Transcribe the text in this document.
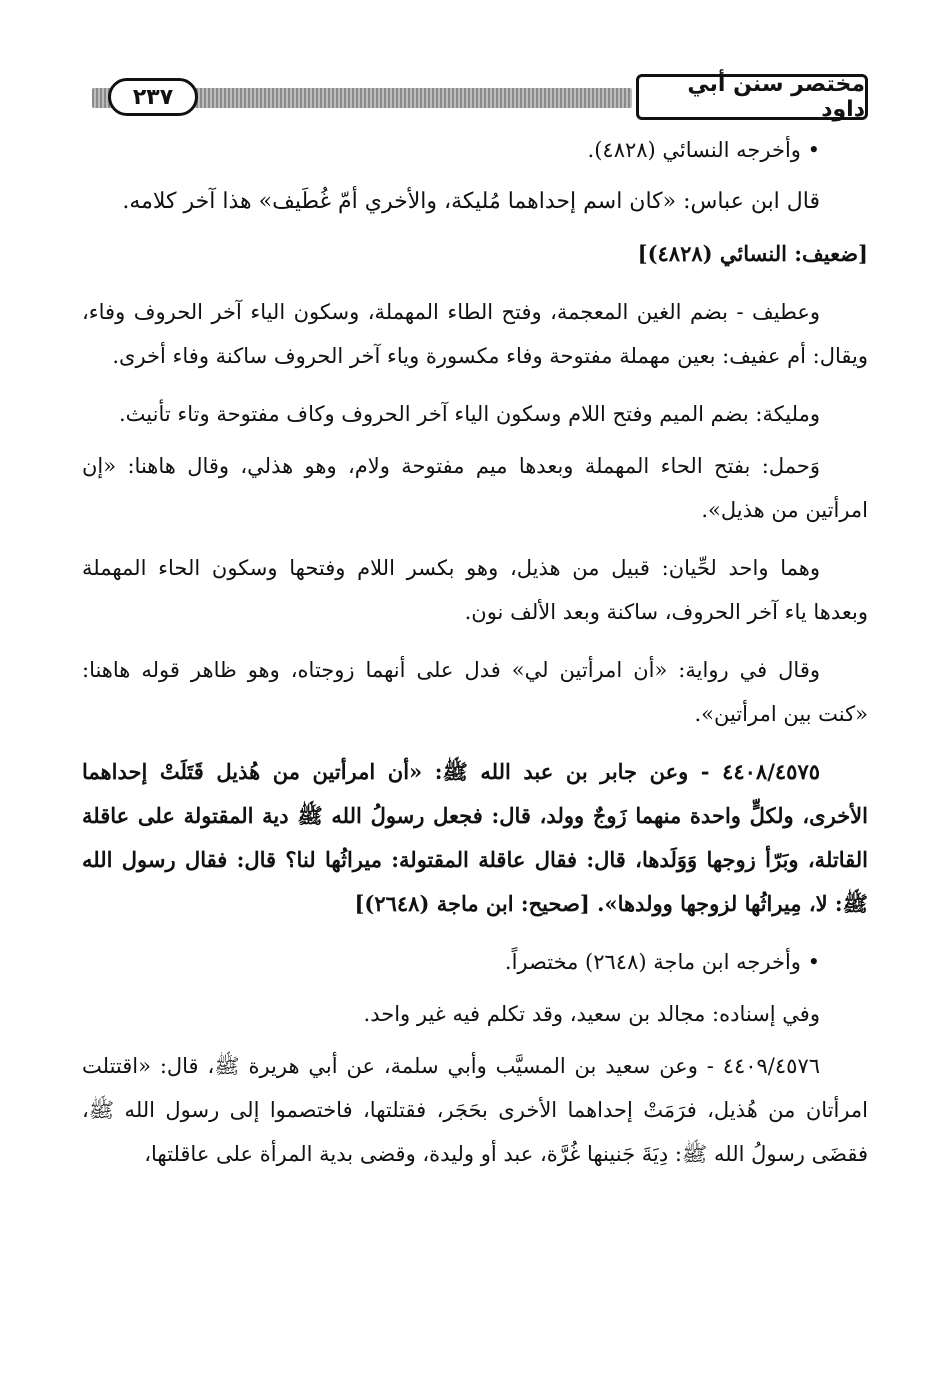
٢٣٧	مختصر سنن أبي داود

• وأخرجه النسائي (٤٨٢٨).

قال ابن عباس: «كان اسم إحداهما مُليكة، والأخري أمّ غُطَيف» هذا آخر كلامه.

[ضعيف: النسائي (٤٨٢٨)]

وعطيف - بضم الغين المعجمة، وفتح الطاء المهملة، وسكون الياء آخر الحروف وفاء، ويقال: أم عفيف: بعين مهملة مفتوحة وفاء مكسورة وياء آخر الحروف ساكنة وفاء أخرى.

ومليكة: بضم الميم وفتح اللام وسكون الياء آخر الحروف وكاف مفتوحة وتاء تأنيث.

وَحمل: بفتح الحاء المهملة وبعدها ميم مفتوحة ولام، وهو هذلي، وقال هاهنا: «إن امرأتين من هذيل».

وهما واحد لحِّيان: قبيل من هذيل، وهو بكسر اللام وفتحها وسكون الحاء المهملة وبعدها ياء آخر الحروف، ساكنة وبعد الألف نون.

وقال في رواية: «أن امرأتين لي» فدل على أنهما زوجتاه، وهو ظاهر قوله هاهنا: «كنت بين امرأتين».

٤٤٠٨/٤٥٧٥ - وعن جابر بن عبد الله ﷺ: «أن امرأتين من هُذيل قَتَلَتْ إحداهما الأخرى، ولكلٍّ واحدة منهما زَوجٌ وولد، قال: فجعل رسولُ الله ﷺ دية المقتولة على عاقلة القاتلة، وبَرّأ زوجها وَوَلَدها، قال: فقال عاقلة المقتولة: ميراثُها لنا؟ قال: فقال رسول الله ﷺ: لا، مِيراثُها لزوجها وولدها». [صحيح: ابن ماجة (٢٦٤٨)]

• وأخرجه ابن ماجة (٢٦٤٨) مختصراً.

وفي إسناده: مجالد بن سعيد، وقد تكلم فيه غير واحد.

٤٤٠٩/٤٥٧٦ - وعن سعيد بن المسيَّب وأبي سلمة، عن أبي هريرة ﷺ، قال: «اقتتلت امرأتان من هُذيل، فرَمَتْ إحداهما الأخرى بحَجَر، فقتلتها، فاختصموا إلى رسول الله ﷺ، فقضَى رسولُ الله ﷺ: دِيَةَ جَنينها غُرَّة، عبد أو وليدة، وقضى بدية المرأة على عاقلتها،
